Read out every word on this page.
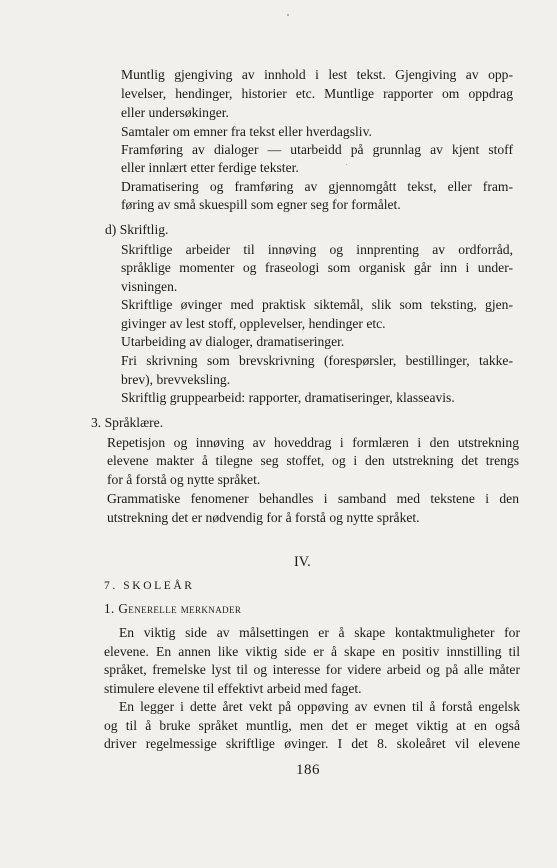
Muntlig gjengiving av innhold i lest tekst. Gjengiving av opp-

levelser, hendinger, historier etc. Muntlige rapporter om oppdrag

eller undersøkinger.

Samtaler om emner fra tekst eller hverdagsliv.

Framføring av dialoger — utarbeidd på grunnlag av kjent stoff

eller innlært etter ferdige tekster.

Dramatisering og framføring av gjennomgått tekst, eller fram-

føring av små skuespill som egner seg for formålet.

d) Skriftlig.

Skriftlige arbeider til innøving og innprenting av ordforråd,

språklige momenter og fraseologi som organisk går inn i under-

visningen.

Skriftlige øvinger med praktisk siktemål, slik som teksting, gjen-

givinger av lest stoff, opplevelser, hendinger etc.

Utarbeiding av dialoger, dramatiseringer.

Fri skrivning som brevskrivning (forespørsler, bestillinger, takke-

brev), brevveksling.

Skriftlig gruppearbeid: rapporter, dramatiseringer, klasseavis.

3. Språklære.

Repetisjon og innøving av hoveddrag i formlæren i den utstrekning

elevene makter å tilegne seg stoffet, og i den utstrekning det trengs

for å forstå og nytte språket.

Grammatiske fenomener behandles i samband med tekstene i den

utstrekning det er nødvendig for å forstå og nytte språket.

IV.

7. SKOLEÅR

1. Generelle merknader

En viktig side av målsettingen er å skape kontaktmuligheter for

elevene. En annen like viktig side er å skape en positiv innstilling til

språket, fremelske lyst til og interesse for videre arbeid og på alle måter

stimulere elevene til effektivt arbeid med faget.

En legger i dette året vekt på oppøving av evnen til å forstå engelsk

og til å bruke språket muntlig, men det er meget viktig at en også

driver regelmessige skriftlige øvinger. I det 8. skoleåret vil elevene

186
